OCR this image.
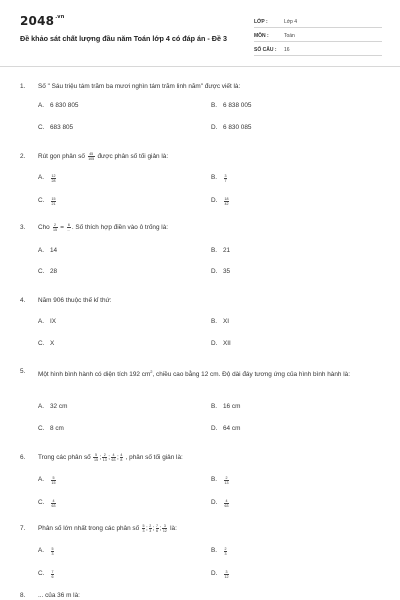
$2048^{.vn}$
Đề khảo sát chất lượng đầu năm Toán lớp 4 có đáp án - Đề 3
LỚP :	Lớp 4
MÔN :	Toán
SỐ CÂU : 16
1. Số " Sáu triệu tám trăm ba mươi nghìn tám trăm linh năm" được viết là:
A. 6 830 805	B. 6 838 005
C. 683 805	D. 6 830 085
2. Rút gọn phân số $\frac{45}{105}$ được phân số tối giản là:
A. $\frac{12}{28}$	B. $\frac{3}{7}$
C. $\frac{15}{21}$	D. $\frac{18}{42}$
3. Cho $\frac{2}{15} = \frac{6}{...}$ . Số thích hợp điền vào ô trống là:
A. 14	B. 21
C. 28	D. 35
4. Năm 906 thuộc thế kỉ thứ:
A. IX	B. XI
C. X	D. XII
5. Một hình bình hành có diện tích 192 $cm^2$, chiều cao bằng 12 cm. Độ dài đáy tương ứng của hình bình hành là:
A. 32 cm	B. 16 cm
C. 8 cm	D. 64 cm
6. Trong các phân số $\frac{5}{15}$ ; $\frac{2}{13}$ ; $\frac{4}{63}$ ; $\frac{4}{8}$ , phân số tối giản là:
A. $\frac{5}{15}$	B. $\frac{2}{13}$
C. $\frac{4}{63}$	D. $\frac{4}{63}$
7. Phân số lớn nhất trong các phân số $\frac{5}{3}$ ; $\frac{2}{3}$ ; $\frac{7}{6}$ ; $\frac{3}{12}$ là:
A. $\frac{5}{3}$	B. $\frac{2}{3}$
C. $\frac{7}{6}$	D. $\frac{3}{12}$
8. ... của 36 m là:
